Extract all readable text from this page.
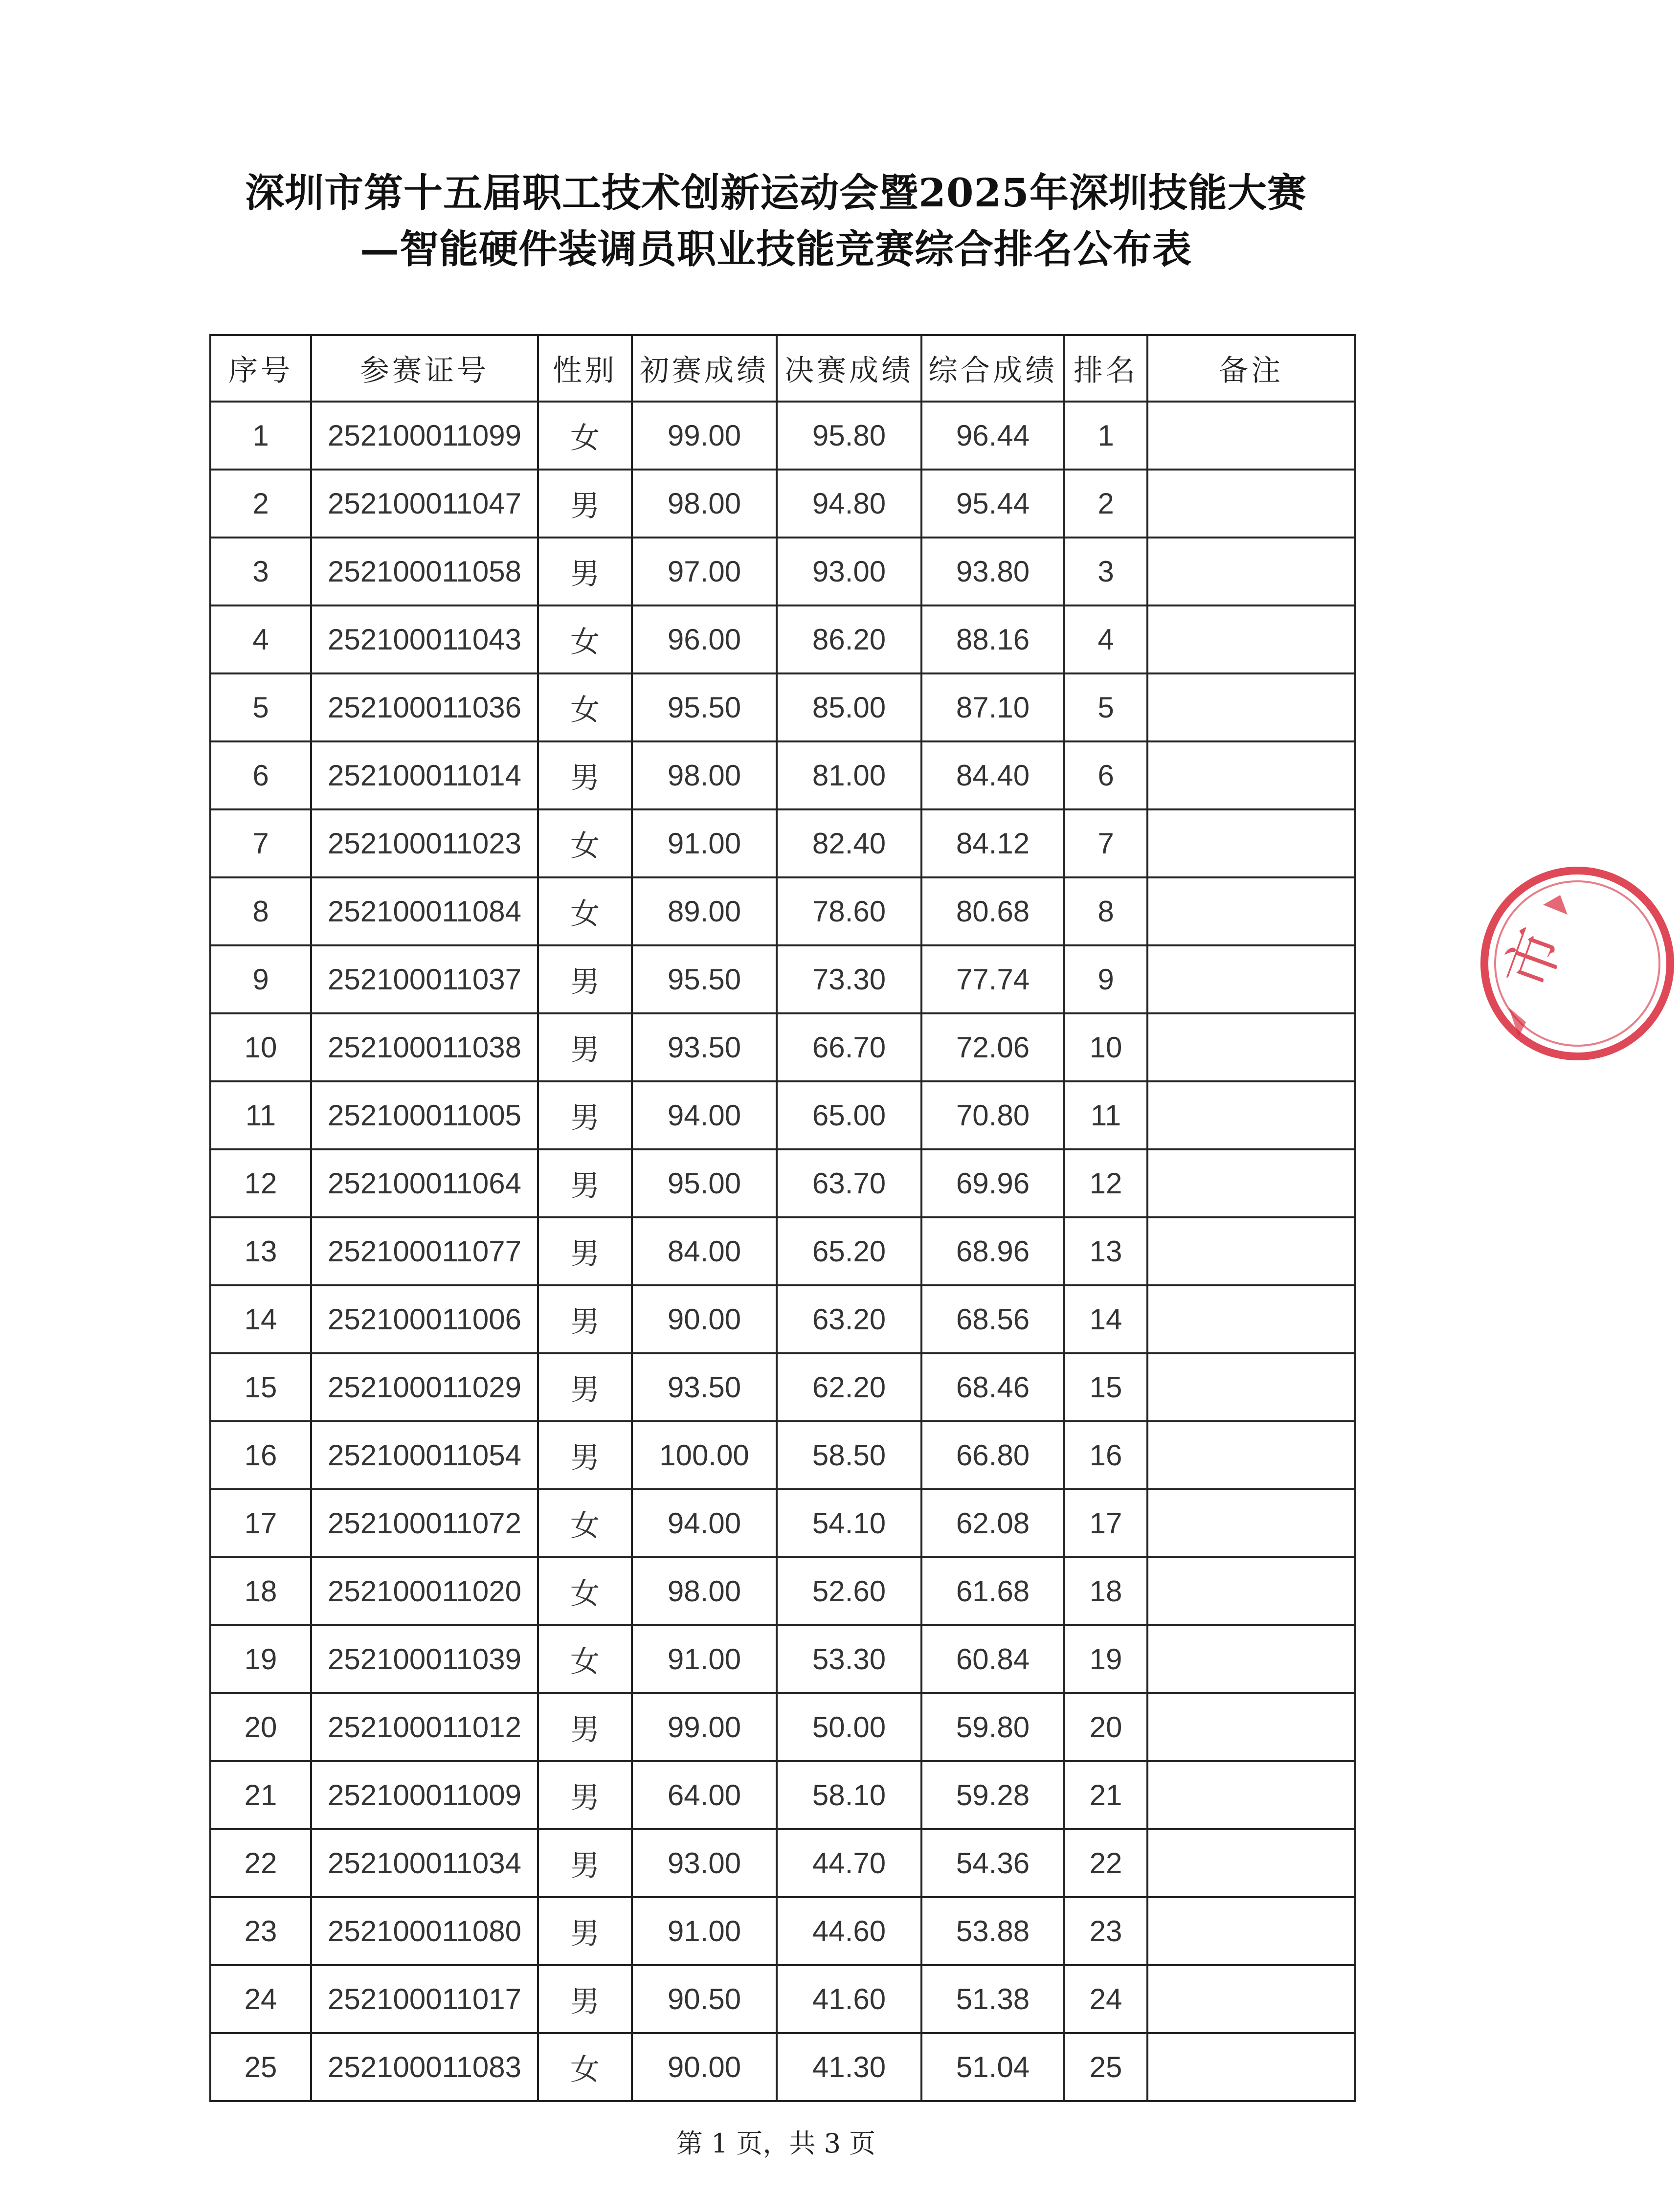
深圳市第十五届职工技术创新运动会暨2025年深圳技能大赛
—智能硬件装调员职业技能竞赛综合排名公布表
序号	参赛证号	性别	初赛成绩	决赛成绩	综合成绩	排名	备注
1	252100011099	女	99.00	95.80	96.44	1	
2	252100011047	男	98.00	94.80	95.44	2	
3	252100011058	男	97.00	93.00	93.80	3	
4	252100011043	女	96.00	86.20	88.16	4	
5	252100011036	女	95.50	85.00	87.10	5	
6	252100011014	男	98.00	81.00	84.40	6	
7	252100011023	女	91.00	82.40	84.12	7	
8	252100011084	女	89.00	78.60	80.68	8	
9	252100011037	男	95.50	73.30	77.74	9	
10	252100011038	男	93.50	66.70	72.06	10	
11	252100011005	男	94.00	65.00	70.80	11	
12	252100011064	男	95.00	63.70	69.96	12	
13	252100011077	男	84.00	65.20	68.96	13	
14	252100011006	男	90.00	63.20	68.56	14	
15	252100011029	男	93.50	62.20	68.46	15	
16	252100011054	男	100.00	58.50	66.80	16	
17	252100011072	女	94.00	54.10	62.08	17	
18	252100011020	女	98.00	52.60	61.68	18	
19	252100011039	女	91.00	53.30	60.84	19	
20	252100011012	男	99.00	50.00	59.80	20	
21	252100011009	男	64.00	58.10	59.28	21	
22	252100011034	男	93.00	44.70	54.36	22	
23	252100011080	男	91.00	44.60	53.88	23	
24	252100011017	男	90.50	41.60	51.38	24	
25	252100011083	女	90.00	41.30	51.04	25	
第 1 页，共 3 页
市
